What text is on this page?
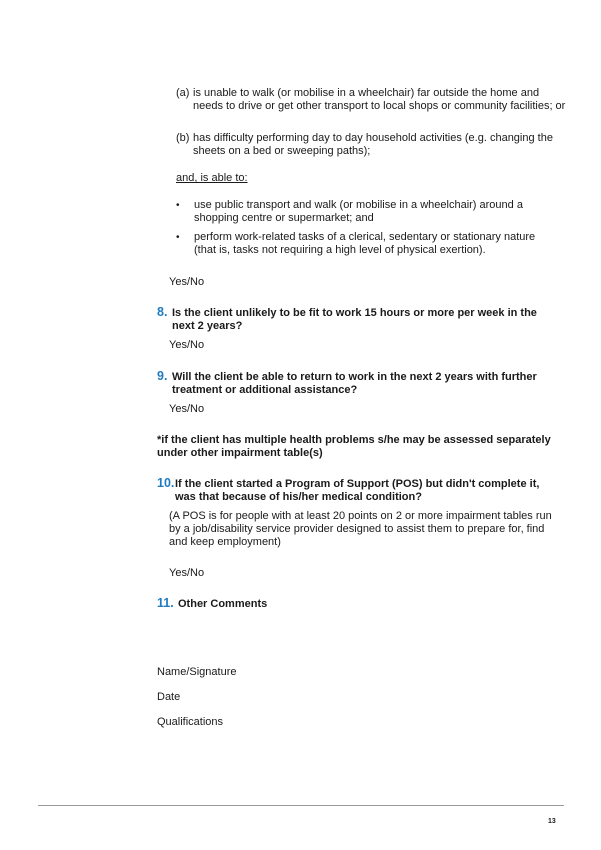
(a) is unable to walk (or mobilise in a wheelchair) far outside the home and needs to drive or get other transport to local shops or community facilities; or
(b) has difficulty performing day to day household activities (e.g. changing the sheets on a bed or sweeping paths);
and, is able to:
• use public transport and walk (or mobilise in a wheelchair) around a shopping centre or supermarket; and
• perform work-related tasks of a clerical, sedentary or stationary nature (that is, tasks not requiring a high level of physical exertion).
Yes/No
8. Is the client unlikely to be fit to work 15 hours or more per week in the next 2 years?
Yes/No
9. Will the client be able to return to work in the next 2 years with further treatment or additional assistance?
Yes/No
*if the client has multiple health problems s/he may be assessed separately under other impairment table(s)
10. If the client started a Program of Support (POS) but didn't complete it, was that because of his/her medical condition?
(A POS is for people with at least 20 points on 2 or more impairment tables run by a job/disability service provider designed to assist them to prepare for, find and keep employment)
Yes/No
11. Other Comments
Name/Signature
Date
Qualifications
13
